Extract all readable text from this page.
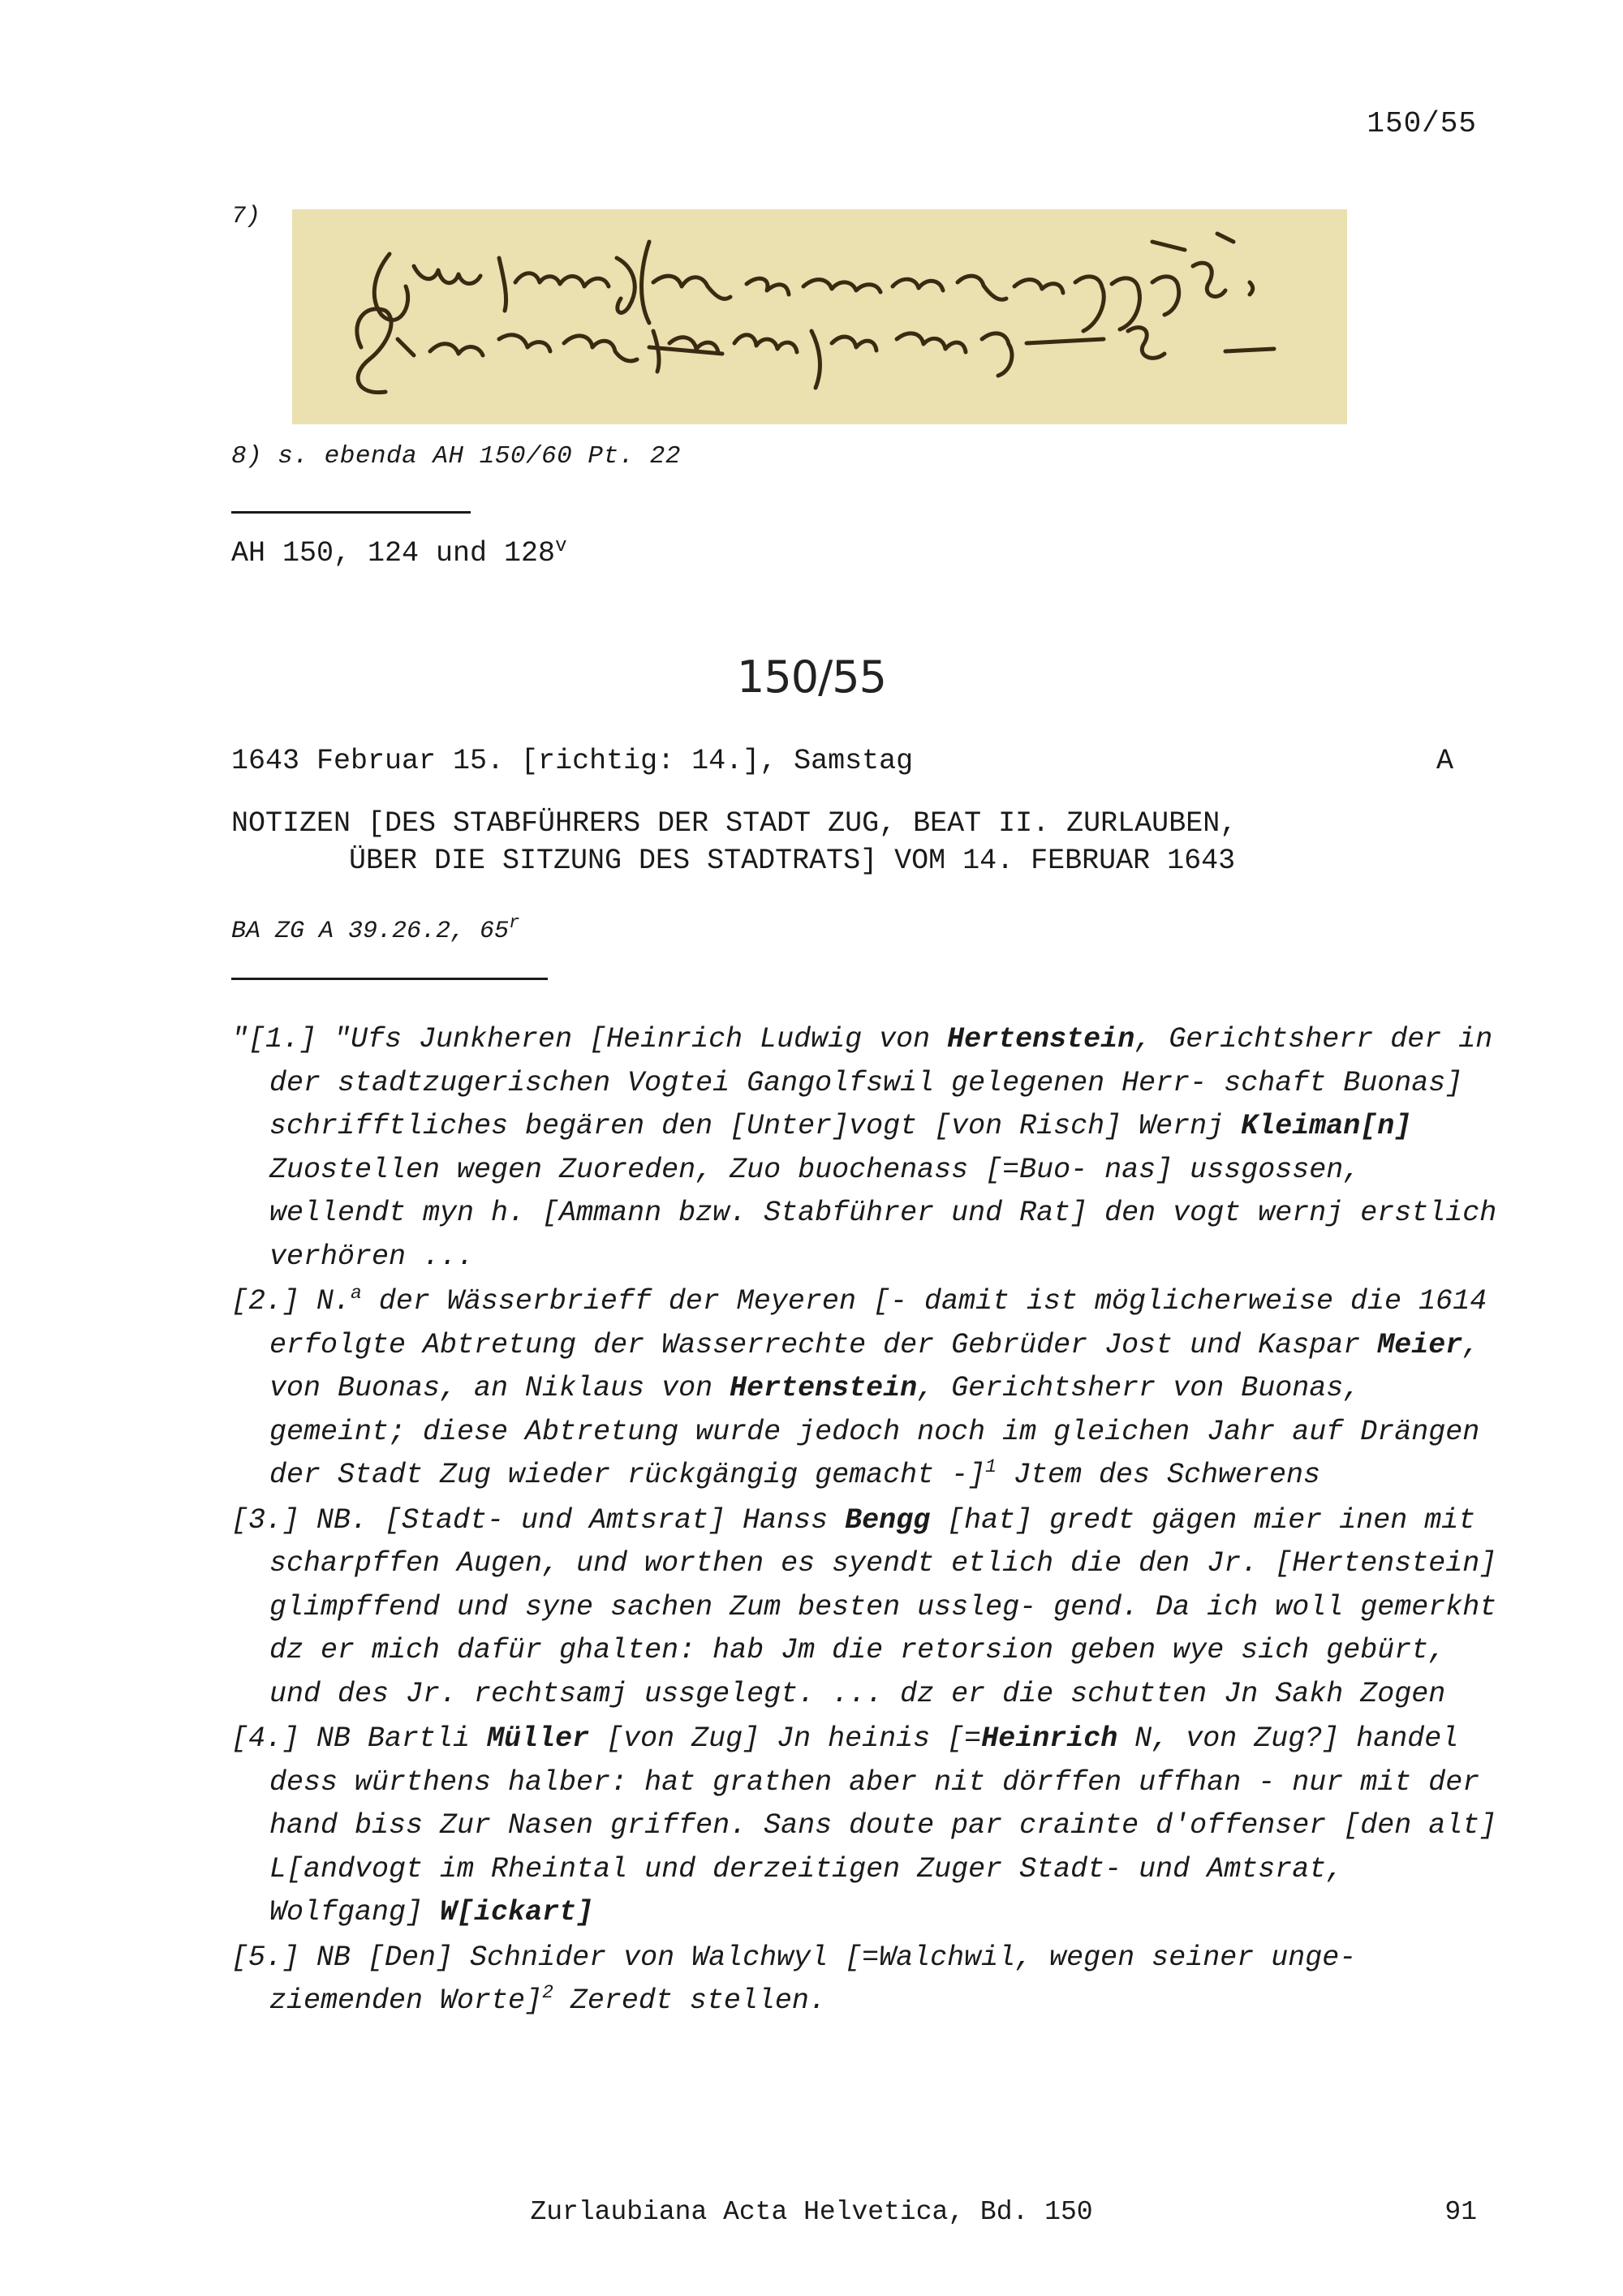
150/55
7)
8) s. ebenda AH 150/60 Pt. 22
AH 150, 124 und 128$^v$
150/55
1643 Februar 15. [richtig: 14.], Samstag	A
NOTIZEN [DES STABFÜHRERS DER STADT ZUG, BEAT II. ZURLAUBEN,
ÜBER DIE SITZUNG DES STADTRATS] VOM 14. FEBRUAR 1643
BA ZG A 39.26.2, 65$^r$

"[1.] "Ufs Junkheren [Heinrich Ludwig von Hertenstein, Gerichtsherr der in der stadtzugerischen Vogtei Gangolfswil gelegenen Herr- schaft Buonas] schrifftliches begären den [Unter]vogt [von Risch] Wernj Kleiman[n] Zuostellen wegen Zuoreden, Zuo buochenass [=Buo- nas] ussgossen, wellendt myn h. [Ammann bzw. Stabführer und Rat] den vogt wernj erstlich verhören ...

[2.] N.$^a$ der Wässerbrieff der Meyeren [- damit ist möglicherweise die 1614 erfolgte Abtretung der Wasserrechte der Gebrüder Jost und Kaspar Meier, von Buonas, an Niklaus von Hertenstein, Gerichtsherr von Buonas, gemeint; diese Abtretung wurde jedoch noch im gleichen Jahr auf Drängen der Stadt Zug wieder rückgängig gemacht -]$^1$ Jtem des Schwerens

[3.] NB. [Stadt- und Amtsrat] Hanss Bengg [hat] gredt gägen mier inen mit scharpffen Augen, und worthen es syendt etlich die den Jr. [Hertenstein] glimpffend und syne sachen Zum besten ussleg- gend. Da ich woll gemerkht dz er mich dafür ghalten: hab Jm die retorsion geben wye sich gebürt, und des Jr. rechtsamj ussgelegt. ... dz er die schutten Jn Sakh Zogen

[4.] NB Bartli Müller [von Zug] Jn heinis [=Heinrich N, von Zug?] handel dess würthens halber: hat grathen aber nit dörffen uffhan - nur mit der hand biss Zur Nasen griffen. Sans doute par crainte d'offenser [den alt] L[andvogt im Rheintal und derzeitigen Zuger Stadt- und Amtsrat, Wolfgang] W[ickart]

[5.] NB [Den] Schnider von Walchwyl [=Walchwil, wegen seiner unge- ziemenden Worte]$^2$ Zeredt stellen.

Zurlaubiana Acta Helvetica, Bd. 150	91
